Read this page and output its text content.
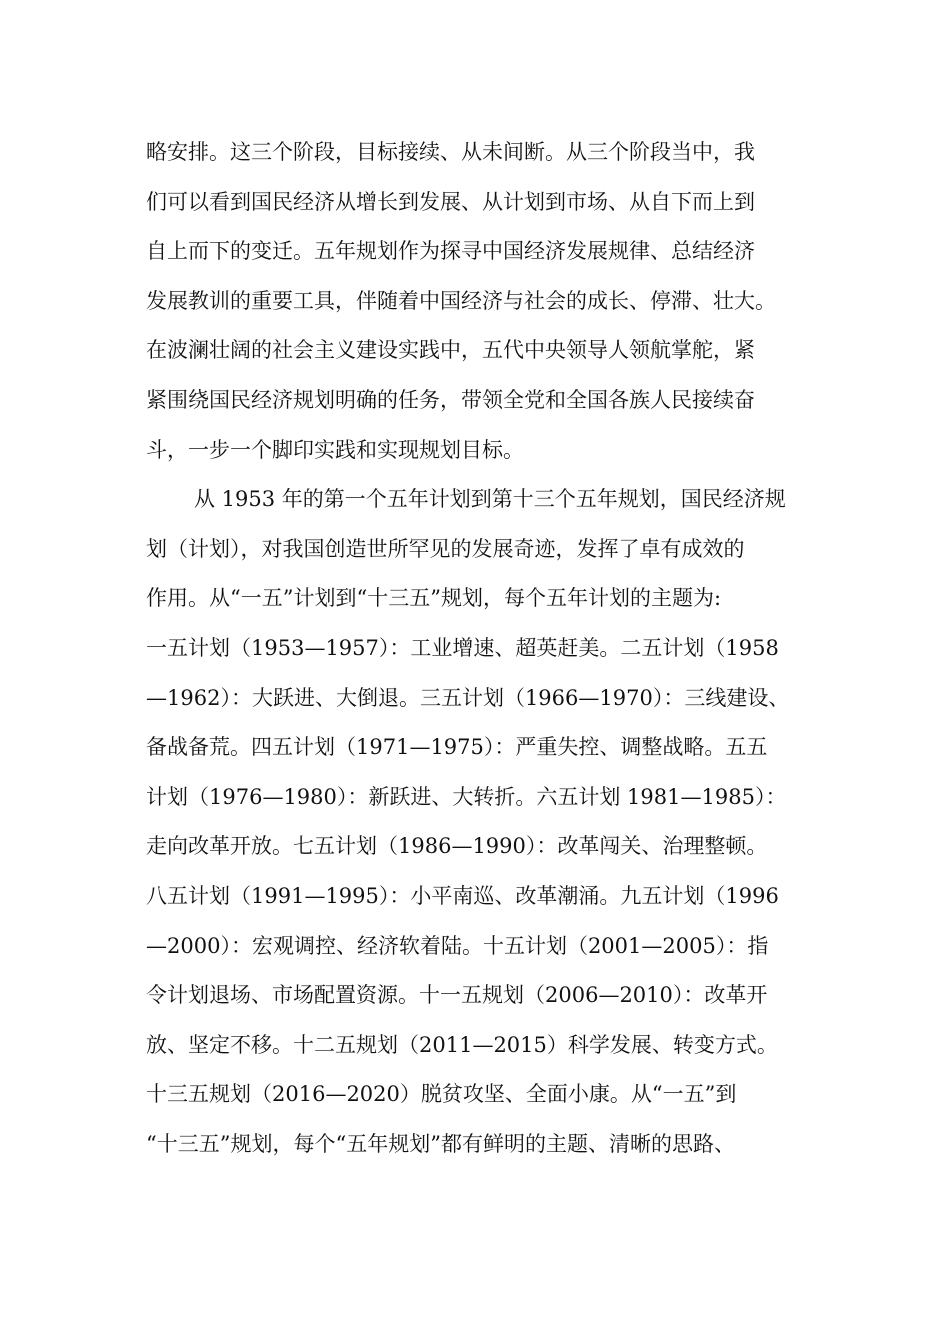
略安排。这三个阶段，目标接续、从未间断。从三个阶段当中，我
们可以看到国民经济从增长到发展、从计划到市场、从自下而上到
自上而下的变迁。五年规划作为探寻中国经济发展规律、总结经济
发展教训的重要工具，伴随着中国经济与社会的成长、停滞、壮大。
在波澜壮阔的社会主义建设实践中，五代中央领导人领航掌舵，紧
紧围绕国民经济规划明确的任务，带领全党和全国各族人民接续奋
斗，一步一个脚印实践和实现规划目标。
从 1953 年的第一个五年计划到第十三个五年规划，国民经济规
划（计划），对我国创造世所罕见的发展奇迹，发挥了卓有成效的
作用。从“一五”计划到“十三五”规划，每个五年计划的主题为:
一五计划（1953—1957）：工业增速、超英赶美。二五计划（1958
—1962）：大跃进、大倒退。三五计划（1966—1970）：三线建设、
备战备荒。四五计划（1971—1975）：严重失控、调整战略。五五
计划（1976—1980）：新跃进、大转折。六五计划 1981—1985）：
走向改革开放。七五计划（1986—1990）：改革闯关、治理整顿。
八五计划（1991—1995）：小平南巡、改革潮涌。九五计划（1996
—2000）：宏观调控、经济软着陆。十五计划（2001—2005）：指
令计划退场、市场配置资源。十一五规划（2006—2010）：改革开
放、坚定不移。十二五规划（2011—2015）科学发展、转变方式。
十三五规划（2016—2020）脱贫攻坚、全面小康。从“一五”到
“十三五”规划，每个“五年规划”都有鲜明的主题、清晰的思路、
